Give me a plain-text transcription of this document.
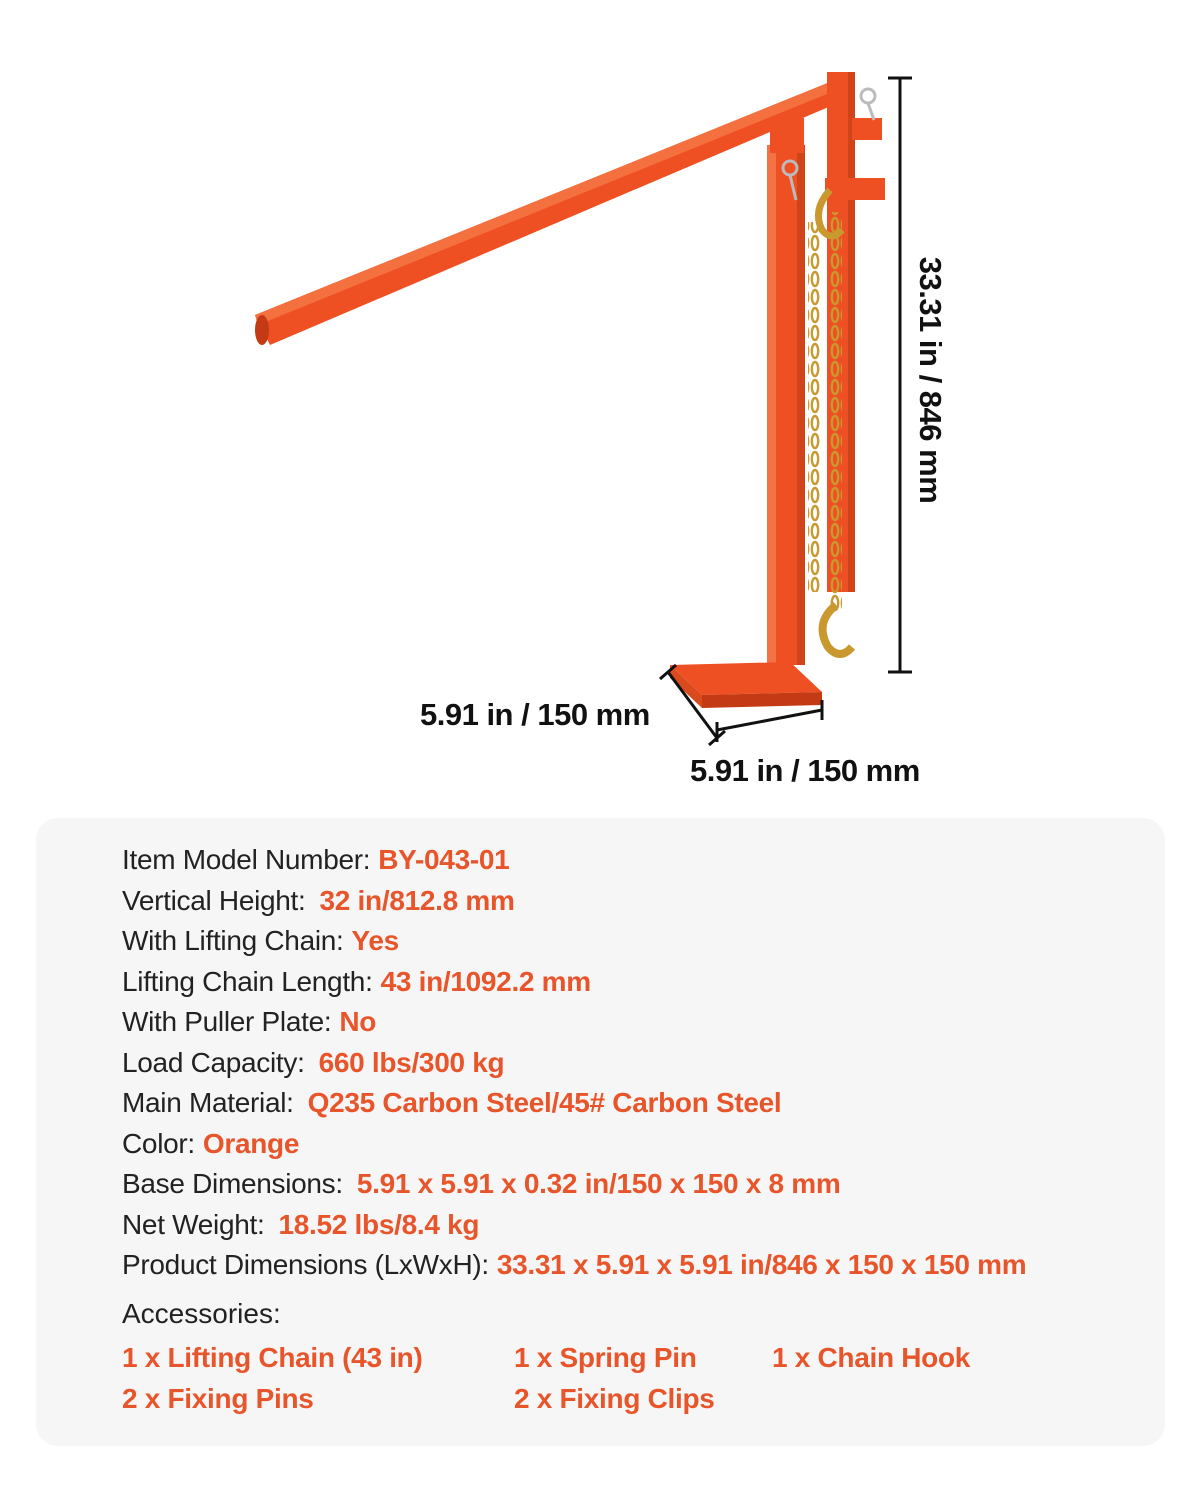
33.31 in / 846 mm
5.91 in / 150 mm
5.91 in / 150 mm
Item Model Number: BY-043-01
Vertical Height: 32 in/812.8 mm
With Lifting Chain: Yes
Lifting Chain Length: 43 in/1092.2 mm
With Puller Plate: No
Load Capacity: 660 lbs/300 kg
Main Material: Q235 Carbon Steel/45# Carbon Steel
Color: Orange
Base Dimensions: 5.91 x 5.91 x 0.32 in/150 x 150 x 8 mm
Net Weight: 18.52 lbs/8.4 kg
Product Dimensions (LxWxH): 33.31 x 5.91 x 5.91 in/846 x 150 x 150 mm
Accessories:
1 x Lifting Chain (43 in)	1 x Spring Pin	1 x Chain Hook
2 x Fixing Pins	2 x Fixing Clips
